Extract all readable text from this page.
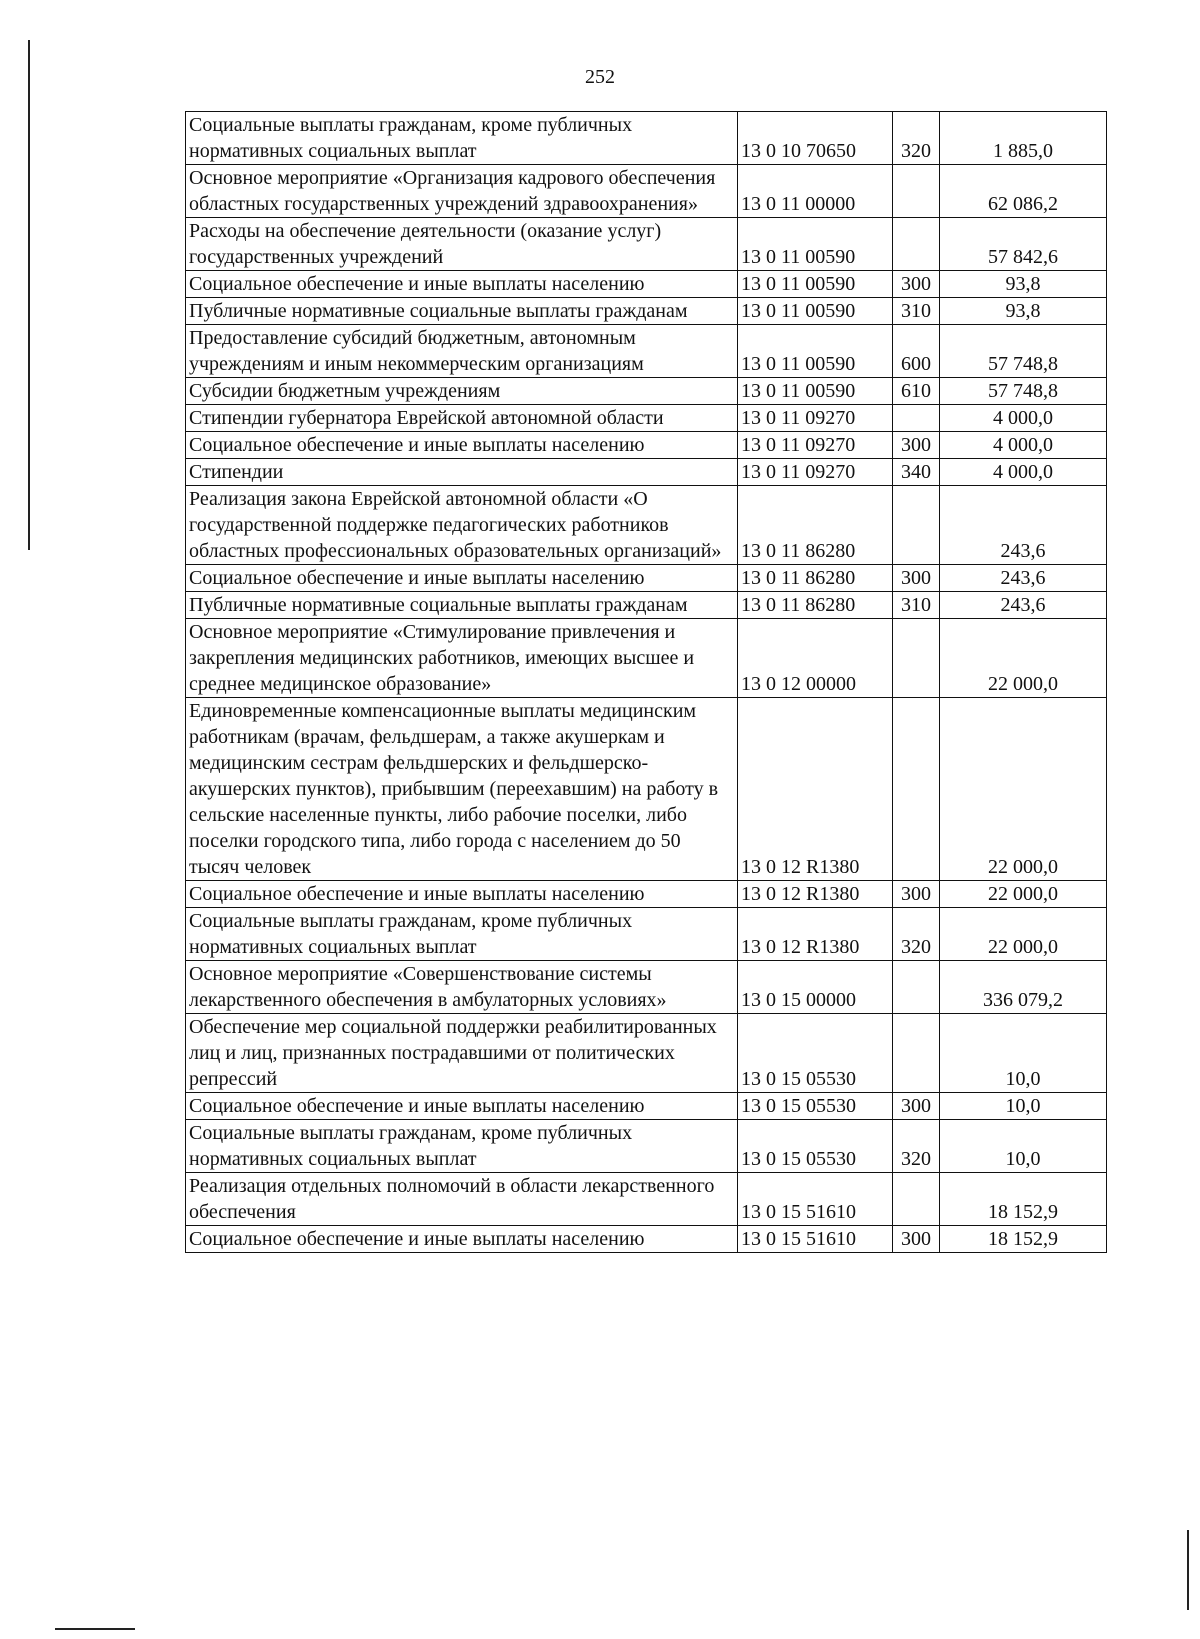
252
Социальные выплаты гражданам, кроме публичных нормативных социальных выплат	13 0 10 70650	320	1 885,0
Основное мероприятие «Организация кадрового обеспечения областных государственных учреждений здравоохранения»	13 0 11 00000		62 086,2
Расходы на обеспечение деятельности (оказание услуг) государственных учреждений	13 0 11 00590		57 842,6
Социальное обеспечение и иные выплаты населению	13 0 11 00590	300	93,8
Публичные нормативные социальные выплаты гражданам	13 0 11 00590	310	93,8
Предоставление субсидий бюджетным, автономным учреждениям и иным некоммерческим организациям	13 0 11 00590	600	57 748,8
Субсидии бюджетным учреждениям	13 0 11 00590	610	57 748,8
Стипендии губернатора Еврейской автономной области	13 0 11 09270		4 000,0
Социальное обеспечение и иные выплаты населению	13 0 11 09270	300	4 000,0
Стипендии	13 0 11 09270	340	4 000,0
Реализация закона Еврейской автономной области «О государственной поддержке педагогических работников областных профессиональных образовательных организаций»	13 0 11 86280		243,6
Социальное обеспечение и иные выплаты населению	13 0 11 86280	300	243,6
Публичные нормативные социальные выплаты гражданам	13 0 11 86280	310	243,6
Основное мероприятие «Стимулирование привлечения и закрепления медицинских работников, имеющих высшее и среднее медицинское образование»	13 0 12 00000		22 000,0
Единовременные компенсационные выплаты медицинским работникам (врачам, фельдшерам, а также акушеркам и медицинским сестрам фельдшерских и фельдшерско-акушерских пунктов), прибывшим (переехавшим) на работу в сельские населенные пункты, либо рабочие поселки, либо поселки городского типа, либо города с населением до 50 тысяч человек	13 0 12 R1380		22 000,0
Социальное обеспечение и иные выплаты населению	13 0 12 R1380	300	22 000,0
Социальные выплаты гражданам, кроме публичных нормативных социальных выплат	13 0 12 R1380	320	22 000,0
Основное мероприятие «Совершенствование системы лекарственного обеспечения в амбулаторных условиях»	13 0 15 00000		336 079,2
Обеспечение мер социальной поддержки реабилитированных лиц и лиц, признанных пострадавшими от политических репрессий	13 0 15 05530		10,0
Социальное обеспечение и иные выплаты населению	13 0 15 05530	300	10,0
Социальные выплаты гражданам, кроме публичных нормативных социальных выплат	13 0 15 05530	320	10,0
Реализация отдельных полномочий в области лекарственного обеспечения	13 0 15 51610		18 152,9
Социальное обеспечение и иные выплаты населению	13 0 15 51610	300	18 152,9
